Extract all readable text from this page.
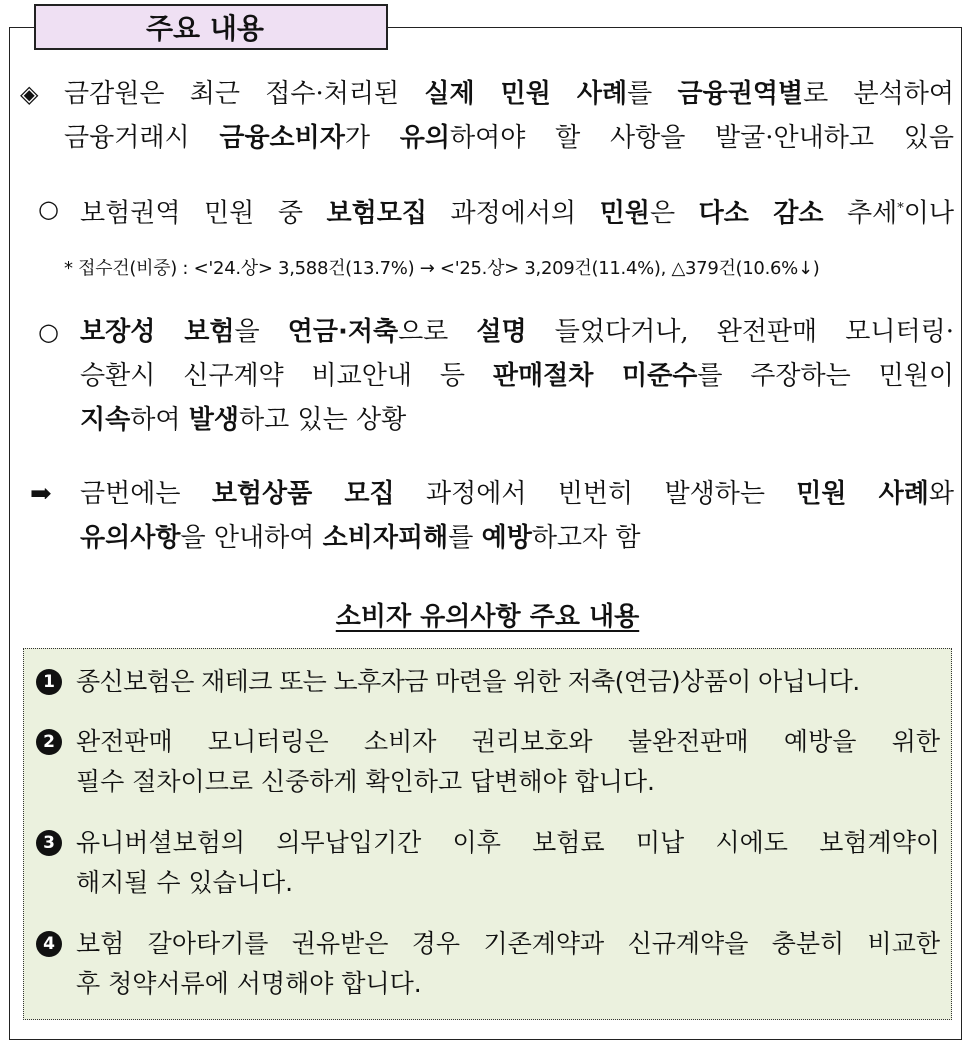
주요 내용
◈ 금감원은 최근 접수·처리된 실제 민원 사례를 금융권역별로 분석하여
금융거래시 금융소비자가 유의하여야 할 사항을 발굴·안내하고 있음
○ 보험권역 민원 중 보험모집 과정에서의 민원은 다소 감소 추세*이나
* 접수건(비중) : <'24.상> 3,588건(13.7%) → <'25.상> 3,209건(11.4%), △379건(10.6%↓)
○ 보장성 보험을 연금·저축으로 설명 들었다거나, 완전판매 모니터링·
승환시 신구계약 비교안내 등 판매절차 미준수를 주장하는 민원이
지속하여 발생하고 있는 상황
➡ 금번에는 보험상품 모집 과정에서 빈번히 발생하는 민원 사례와
유의사항을 안내하여 소비자피해를 예방하고자 함
소비자 유의사항 주요 내용
1 종신보험은 재테크 또는 노후자금 마련을 위한 저축(연금)상품이 아닙니다.
2 완전판매 모니터링은 소비자 권리보호와 불완전판매 예방을 위한
필수 절차이므로 신중하게 확인하고 답변해야 합니다.
3 유니버셜보험의 의무납입기간 이후 보험료 미납 시에도 보험계약이
해지될 수 있습니다.
4 보험 갈아타기를 권유받은 경우 기존계약과 신규계약을 충분히 비교한
후 청약서류에 서명해야 합니다.
